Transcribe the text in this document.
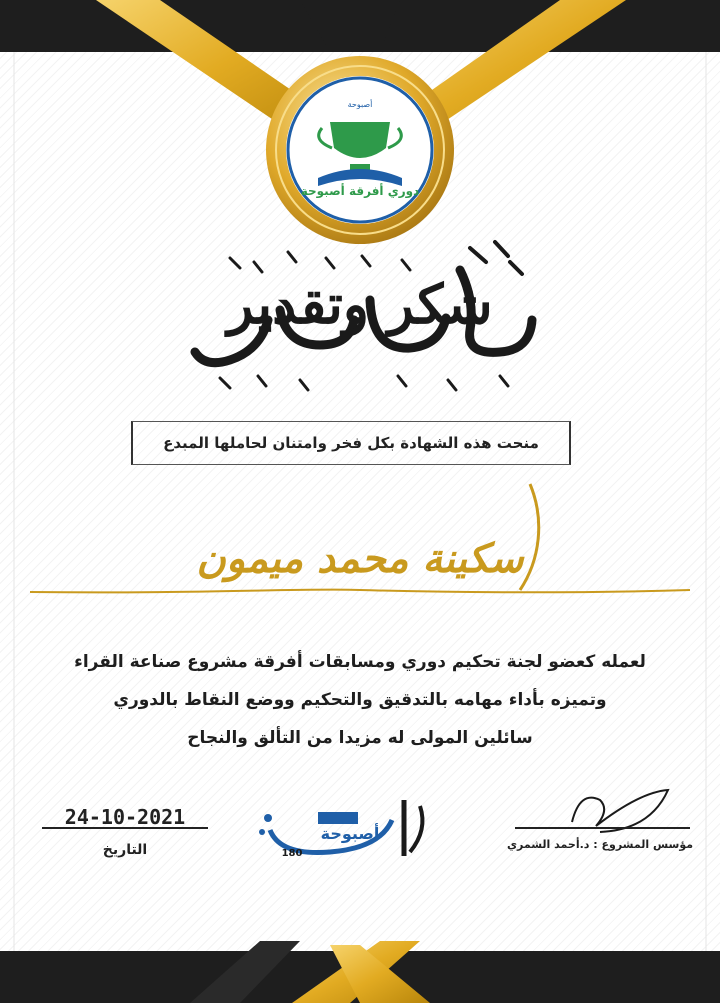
أصبوحة
دوري أفرقة أصبوحة
شكر وتقدير
منحت هذه الشهادة بكل فخر وامتنان لحاملها المبدع
سكينة محمد ميمون
لعمله كعضو لجنة تحكيم دوري ومسابقات أفرقة مشروع صناعة القراء
وتميزه بأداء مهامه بالتدقيق والتحكيم ووضع النقاط بالدوري
سائلين المولى له مزيدا من التألق والنجاح
24-10-2021
التاريخ
أصبوحة
180
مؤسس المشروع : د.أحمد الشمري
